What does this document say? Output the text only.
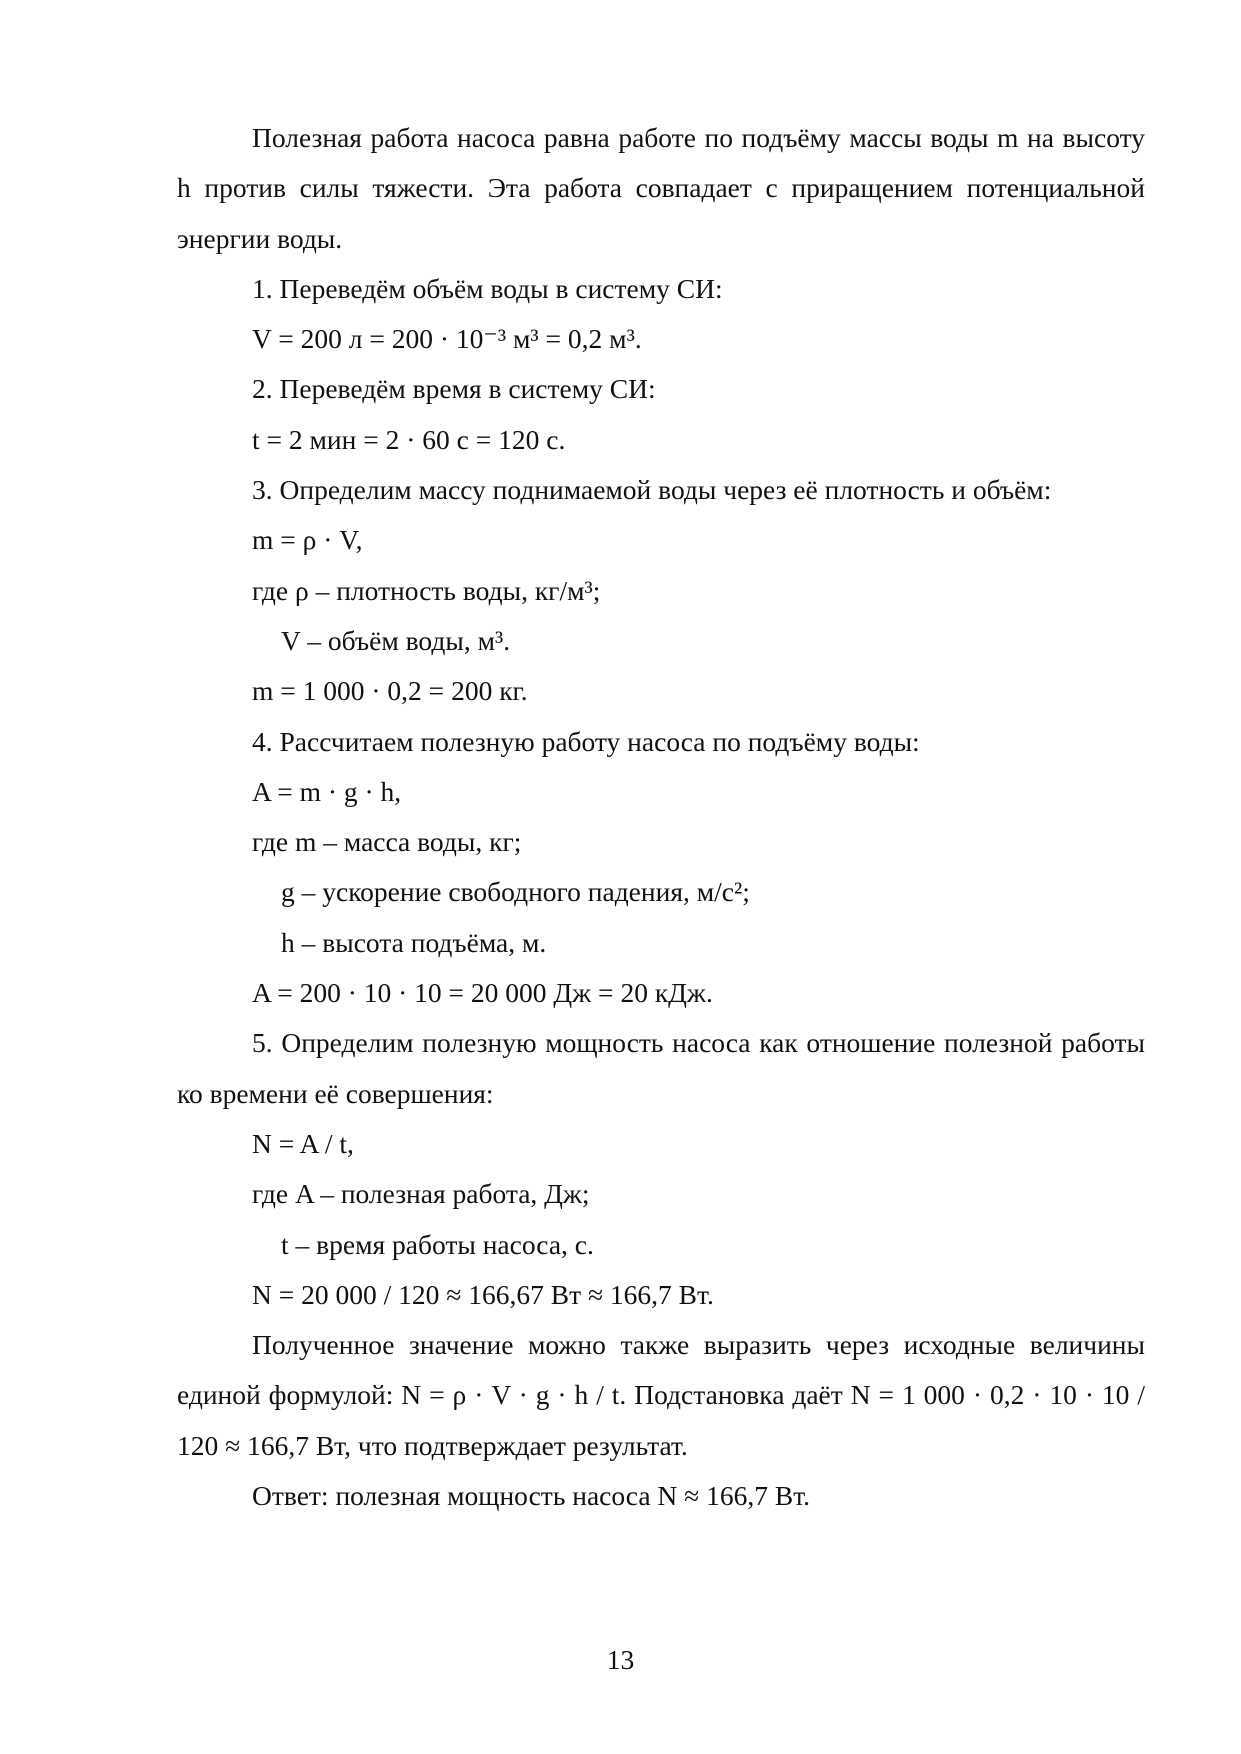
Полезная работа насоса равна работе по подъёму массы воды m на высоту h против силы тяжести. Эта работа совпадает с приращением потенциальной энергии воды.

1. Переведём объём воды в систему СИ:

V = 200 л = 200 · 10⁻³ м³ = 0,2 м³.

2. Переведём время в систему СИ:

t = 2 мин = 2 · 60 с = 120 с.

3. Определим массу поднимаемой воды через её плотность и объём:

m = ρ · V,

где ρ – плотность воды, кг/м³;

V – объём воды, м³.

m = 1 000 · 0,2 = 200 кг.

4. Рассчитаем полезную работу насоса по подъёму воды:

A = m · g · h,

где m – масса воды, кг;

g – ускорение свободного падения, м/с²;

h – высота подъёма, м.

A = 200 · 10 · 10 = 20 000 Дж = 20 кДж.

5. Определим полезную мощность насоса как отношение полезной работы ко времени её совершения:

N = A / t,

где A – полезная работа, Дж;

t – время работы насоса, с.

N = 20 000 / 120 ≈ 166,67 Вт ≈ 166,7 Вт.

Полученное значение можно также выразить через исходные величины единой формулой: N = ρ · V · g · h / t. Подстановка даёт N = 1 000 · 0,2 · 10 · 10 / 120 ≈ 166,7 Вт, что подтверждает результат.

Ответ: полезная мощность насоса N ≈ 166,7 Вт.

13
